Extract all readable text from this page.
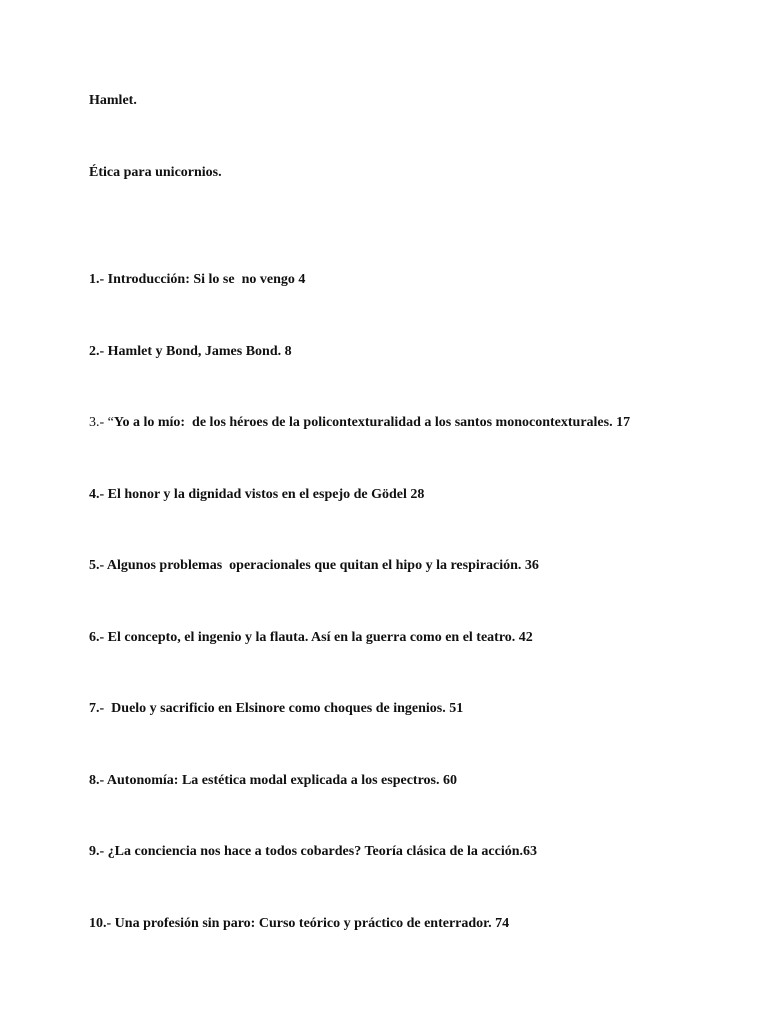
Hamlet.

Ética para unicornios.

1.- Introducción: Si lo se  no vengo 4

2.- Hamlet y Bond, James Bond. 8

3.- “Yo a lo mío:  de los héroes de la policontexturalidad a los santos monocontexturales. 17

4.- El honor y la dignidad vistos en el espejo de Gödel 28

5.- Algunos problemas  operacionales que quitan el hipo y la respiración. 36

6.- El concepto, el ingenio y la flauta. Así en la guerra como en el teatro. 42

7.-  Duelo y sacrificio en Elsinore como choques de ingenios. 51

8.- Autonomía: La estética modal explicada a los espectros. 60

9.- ¿La conciencia nos hace a todos cobardes? Teoría clásica de la acción.63

10.- Una profesión sin paro: Curso teórico y práctico de enterrador. 74
